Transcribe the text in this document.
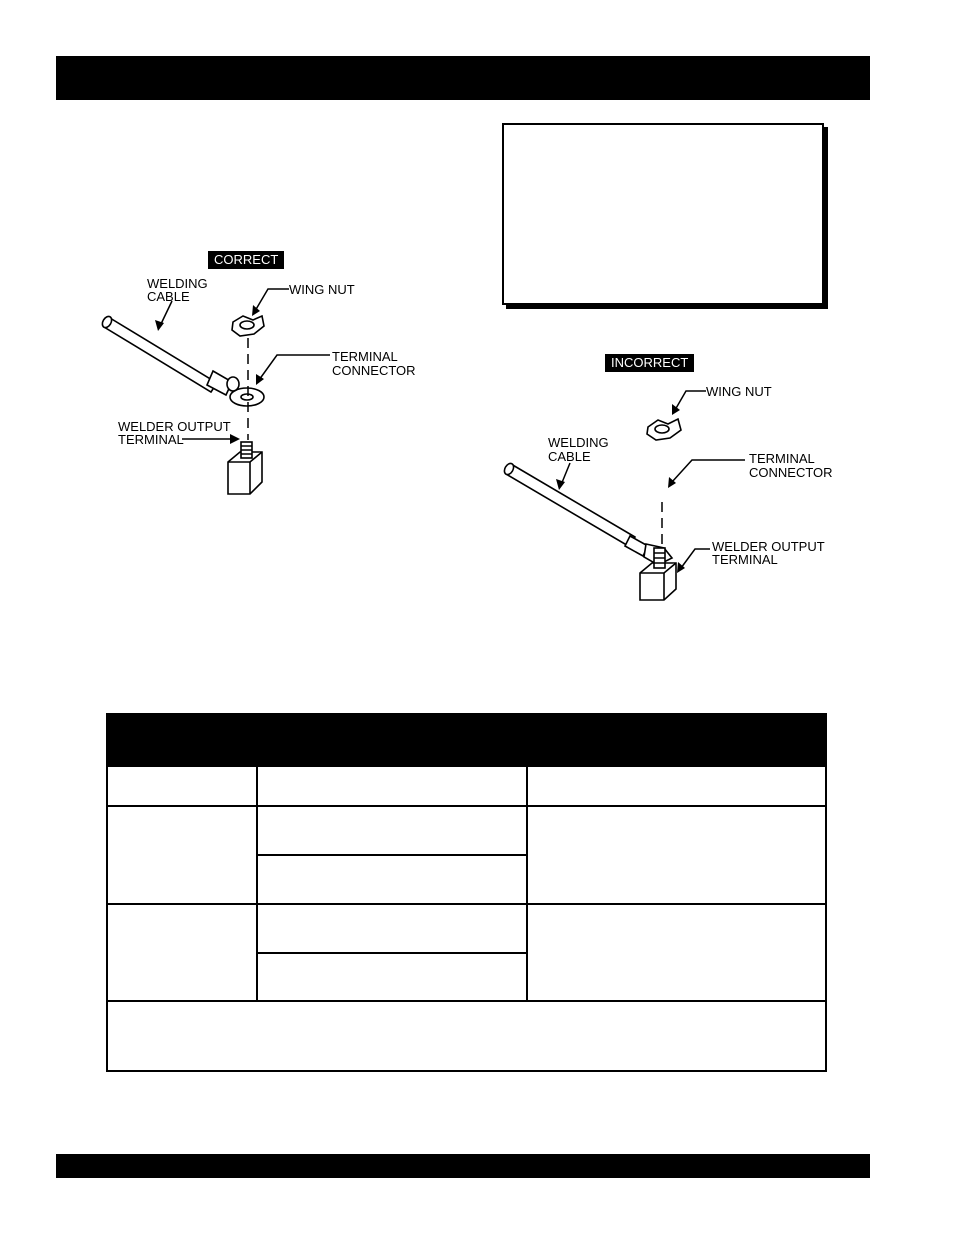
CORRECT
WELDING
CABLE	WING NUT
TERMINAL
CONNECTOR
WELDER OUTPUT
TERMINAL
INCORRECT
WING NUT
WELDING
CABLE	TERMINAL
CONNECTOR
WELDER OUTPUT
TERMINAL
